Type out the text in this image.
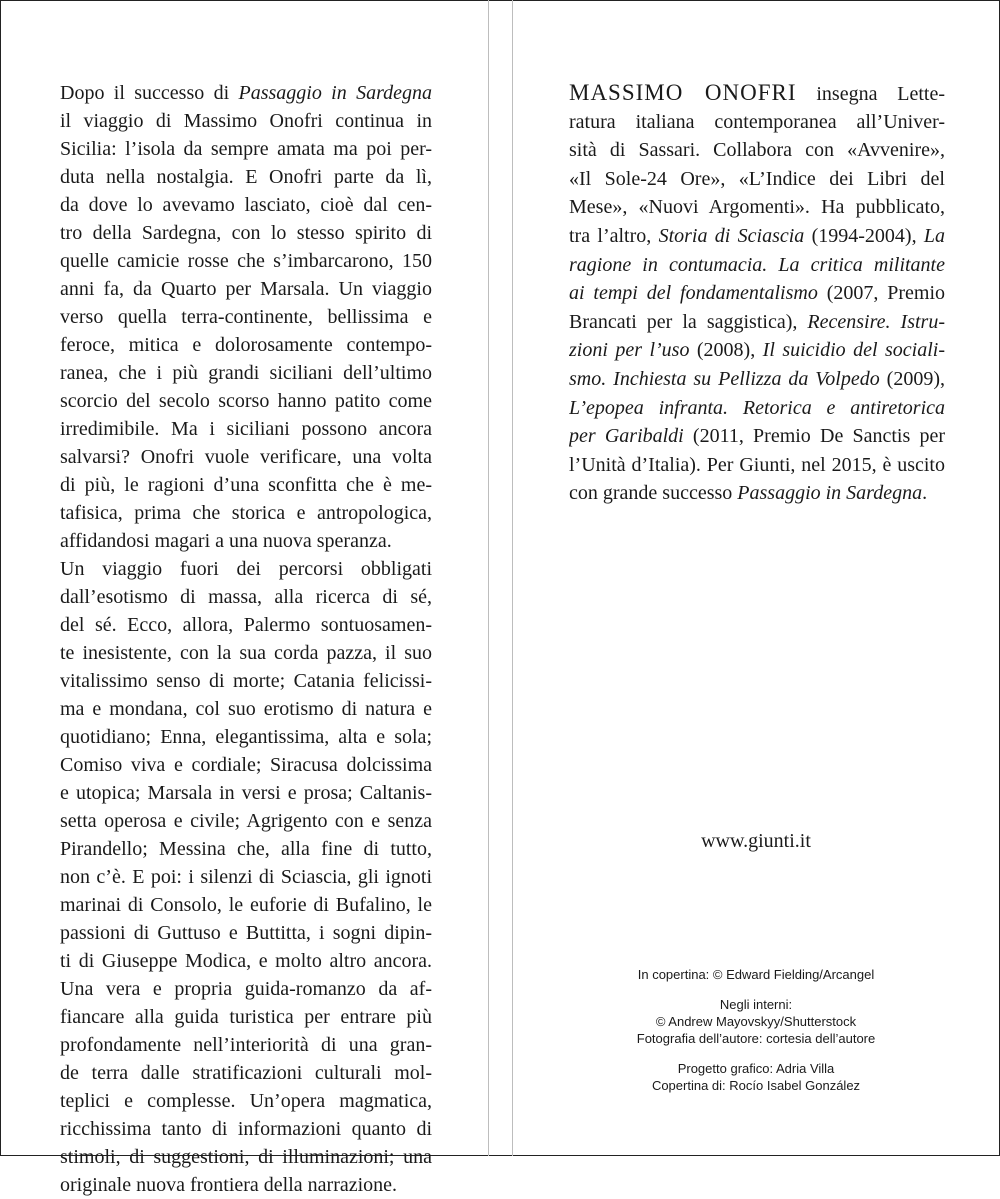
Dopo il successo di Passaggio in Sardegna
il viaggio di Massimo Onofri continua in
Sicilia: l’isola da sempre amata ma poi per-
duta nella nostalgia. E Onofri parte da lì,
da dove lo avevamo lasciato, cioè dal cen-
tro della Sardegna, con lo stesso spirito di
quelle camicie rosse che s’imbarcarono, 150
anni fa, da Quarto per Marsala. Un viaggio
verso quella terra-continente, bellissima e
feroce, mitica e dolorosamente contempo-
ranea, che i più grandi siciliani dell’ultimo
scorcio del secolo scorso hanno patito come
irredimibile. Ma i siciliani possono ancora
salvarsi? Onofri vuole verificare, una volta
di più, le ragioni d’una sconfitta che è me-
tafisica, prima che storica e antropologica,
affidandosi magari a una nuova speranza.
Un viaggio fuori dei percorsi obbligati
dall’esotismo di massa, alla ricerca di sé,
del sé. Ecco, allora, Palermo sontuosamen-
te inesistente, con la sua corda pazza, il suo
vitalissimo senso di morte; Catania felicissi-
ma e mondana, col suo erotismo di natura e
quotidiano; Enna, elegantissima, alta e sola;
Comiso viva e cordiale; Siracusa dolcissima
e utopica; Marsala in versi e prosa; Caltanis-
setta operosa e civile; Agrigento con e senza
Pirandello; Messina che, alla fine di tutto,
non c’è. E poi: i silenzi di Sciascia, gli ignoti
marinai di Consolo, le euforie di Bufalino, le
passioni di Guttuso e Buttitta, i sogni dipin-
ti di Giuseppe Modica, e molto altro ancora.
Una vera e propria guida-romanzo da af-
fiancare alla guida turistica per entrare più
profondamente nell’interiorità di una gran-
de terra dalle stratificazioni culturali mol-
teplici e complesse. Un’opera magmatica,
ricchissima tanto di informazioni quanto di
stimoli, di suggestioni, di illuminazioni; una
originale nuova frontiera della narrazione.
MASSIMO ONOFRI insegna Lette-
ratura italiana contemporanea all’Univer-
sità di Sassari. Collabora con «Avvenire»,
«Il Sole-24 Ore», «L’Indice dei Libri del
Mese», «Nuovi Argomenti». Ha pubblicato,
tra l’altro, Storia di Sciascia (1994-2004), La
ragione in contumacia. La critica militante
ai tempi del fondamentalismo (2007, Premio
Brancati per la saggistica), Recensire. Istru-
zioni per l’uso (2008), Il suicidio del sociali-
smo. Inchiesta su Pellizza da Volpedo (2009),
L’epopea infranta. Retorica e antiretorica
per Garibaldi (2011, Premio De Sanctis per
l’Unità d’Italia). Per Giunti, nel 2015, è uscito
con grande successo Passaggio in Sardegna.
www.giunti.it
In copertina: © Edward Fielding/Arcangel
Negli interni:
© Andrew Mayovskyy/Shutterstock
Fotografia dell’autore: cortesia dell’autore
Progetto grafico: Adria Villa
Copertina di: Rocío Isabel González
